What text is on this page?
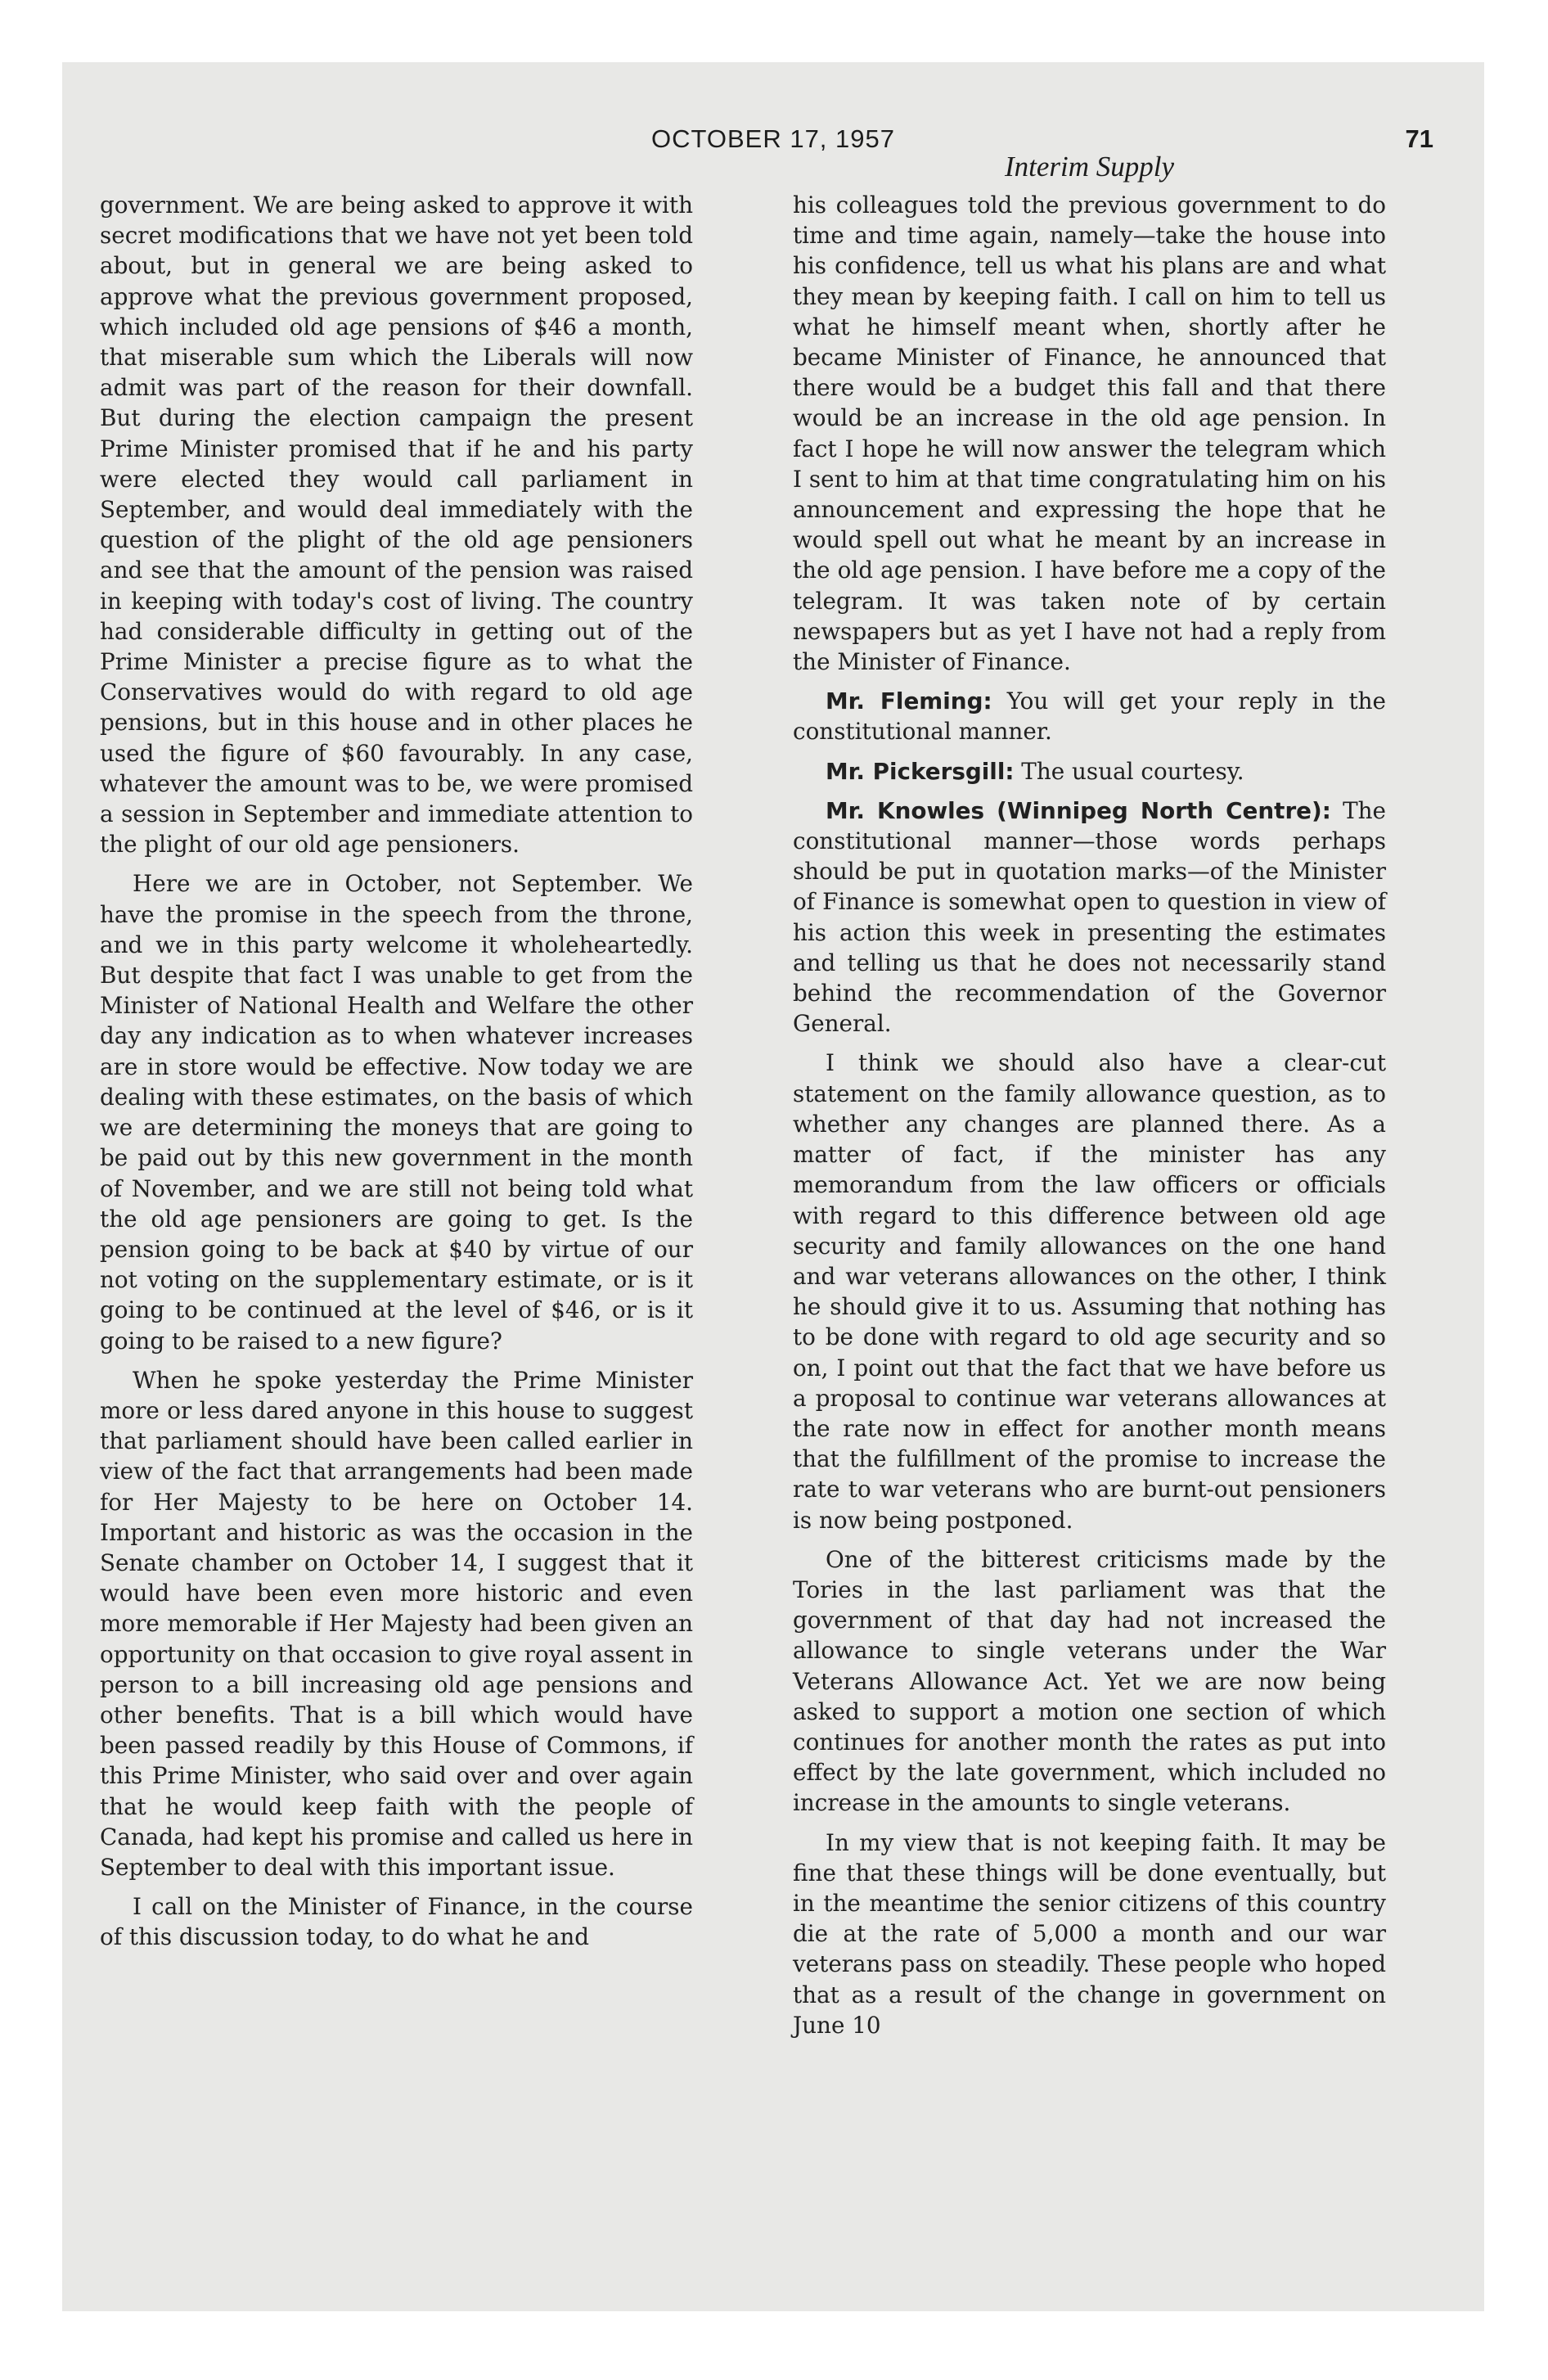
OCTOBER 17, 1957	71
Interim Supply

government. We are being asked to approve it with secret modifications that we have not yet been told about, but in general we are being asked to approve what the previous government proposed, which included old age pensions of $46 a month, that miserable sum which the Liberals will now admit was part of the reason for their downfall. But during the election campaign the present Prime Minister promised that if he and his party were elected they would call parliament in September, and would deal immediately with the question of the plight of the old age pensioners and see that the amount of the pension was raised in keeping with today's cost of living. The country had considerable difficulty in getting out of the Prime Minister a precise figure as to what the Conservatives would do with regard to old age pensions, but in this house and in other places he used the figure of $60 favourably. In any case, whatever the amount was to be, we were promised a session in September and immediate attention to the plight of our old age pensioners.

Here we are in October, not September. We have the promise in the speech from the throne, and we in this party welcome it wholeheartedly. But despite that fact I was unable to get from the Minister of National Health and Welfare the other day any indication as to when whatever increases are in store would be effective. Now today we are dealing with these estimates, on the basis of which we are determining the moneys that are going to be paid out by this new government in the month of November, and we are still not being told what the old age pensioners are going to get. Is the pension going to be back at $40 by virtue of our not voting on the supplementary estimate, or is it going to be continued at the level of $46, or is it going to be raised to a new figure?

When he spoke yesterday the Prime Minister more or less dared anyone in this house to suggest that parliament should have been called earlier in view of the fact that arrangements had been made for Her Majesty to be here on October 14. Important and historic as was the occasion in the Senate chamber on October 14, I suggest that it would have been even more historic and even more memorable if Her Majesty had been given an opportunity on that occasion to give royal assent in person to a bill increasing old age pensions and other benefits. That is a bill which would have been passed readily by this House of Commons, if this Prime Minister, who said over and over again that he would keep faith with the people of Canada, had kept his promise and called us here in September to deal with this important issue.

I call on the Minister of Finance, in the course of this discussion today, to do what he and

his colleagues told the previous government to do time and time again, namely—take the house into his confidence, tell us what his plans are and what they mean by keeping faith. I call on him to tell us what he himself meant when, shortly after he became Minister of Finance, he announced that there would be a budget this fall and that there would be an increase in the old age pension. In fact I hope he will now answer the telegram which I sent to him at that time congratulating him on his announcement and expressing the hope that he would spell out what he meant by an increase in the old age pension. I have before me a copy of the telegram. It was taken note of by certain newspapers but as yet I have not had a reply from the Minister of Finance.

Mr. Fleming: You will get your reply in the constitutional manner.

Mr. Pickersgill: The usual courtesy.

Mr. Knowles (Winnipeg North Centre): The constitutional manner—those words perhaps should be put in quotation marks—of the Minister of Finance is somewhat open to question in view of his action this week in presenting the estimates and telling us that he does not necessarily stand behind the recommendation of the Governor General.

I think we should also have a clear-cut statement on the family allowance question, as to whether any changes are planned there. As a matter of fact, if the minister has any memorandum from the law officers or officials with regard to this difference between old age security and family allowances on the one hand and war veterans allowances on the other, I think he should give it to us. Assuming that nothing has to be done with regard to old age security and so on, I point out that the fact that we have before us a proposal to continue war veterans allowances at the rate now in effect for another month means that the fulfillment of the promise to increase the rate to war veterans who are burnt-out pensioners is now being postponed.

One of the bitterest criticisms made by the Tories in the last parliament was that the government of that day had not increased the allowance to single veterans under the War Veterans Allowance Act. Yet we are now being asked to support a motion one section of which continues for another month the rates as put into effect by the late government, which included no increase in the amounts to single veterans.

In my view that is not keeping faith. It may be fine that these things will be done eventually, but in the meantime the senior citizens of this country die at the rate of 5,000 a month and our war veterans pass on steadily. These people who hoped that as a result of the change in government on June 10
